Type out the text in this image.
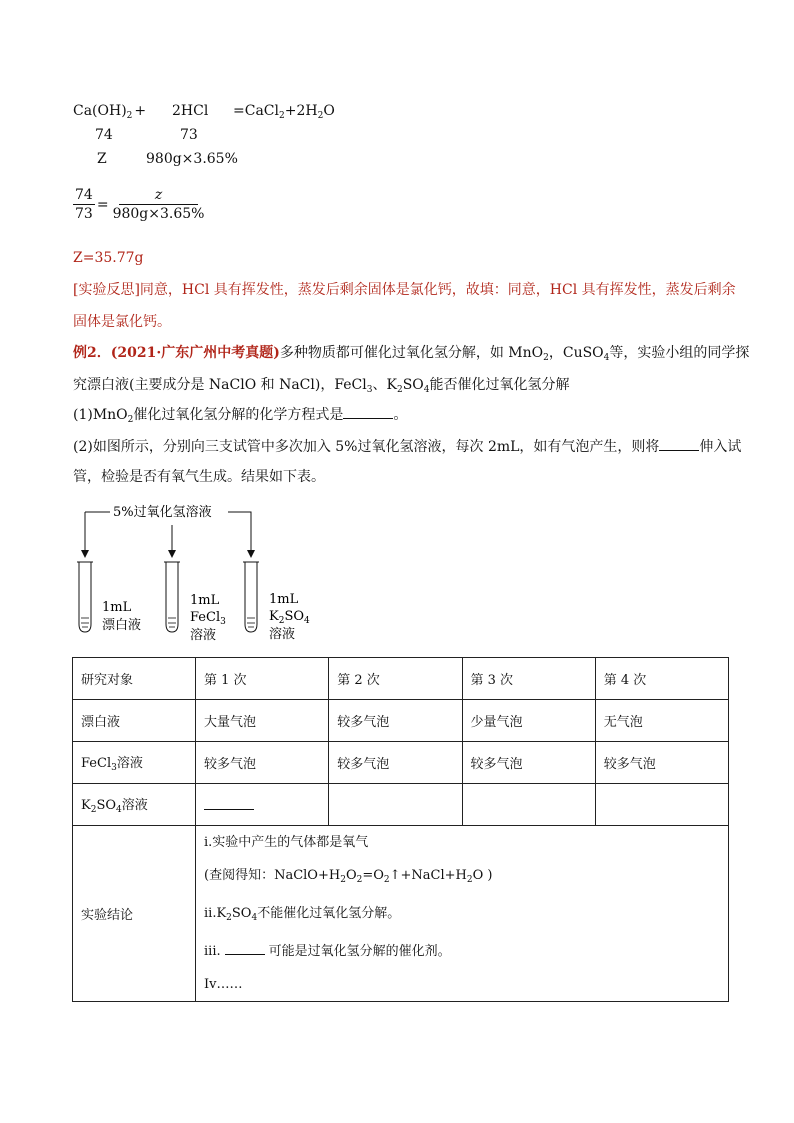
$Ca(OH)_2 + 2HCl$ $=CaCl_2+2H_2O$
74	73
Z	980g×3.65%
$\frac{74}{73} = \frac{z}{980g\times 3.65\%}$
Z=35.77g
[实验反思]同意，HCl 具有挥发性，蒸发后剩余固体是氯化钙，故填：同意，HCl 具有挥发性，蒸发后剩余
固体是氯化钙。
例2．(2021·广东广州中考真题)多种物质都可催化过氧化氢分解，如 MnO$_2$，CuSO$_4$等，实验小组的同学探
究漂白液(主要成分是 NaClO 和 NaCl)，FeCl$_3$、$K_2SO_4$能否催化过氧化氢分解
(1)MnO$_2$催化过氧化氢分解的化学方程式是	。
(2)如图所示，分别向三支试管中多次加入 5%过氧化氢溶液，每次 2mL，如有气泡产生，则将	伸入试
管，检验是否有氧气生成。结果如下表。
5%过氧化氢溶液
1mL
漂白液
1mL
FeCl$_3$
溶液
1mL
$K_2SO_4$
溶液
研究对象	第 1 次	第 2 次	第 3 次	第 4 次
漂白液	大量气泡	较多气泡	少量气泡	无气泡
FeCl$_3$溶液	较多气泡	较多气泡	较多气泡	较多气泡
$K_2SO_4$溶液				
实验结论	i.实验中产生的气体都是氧气
(查阅得知：$NaClO+H_2O_2=O_2↑+NaCl+H_2O$ )
$ii.K_2SO_4$不能催化过氧化氢分解。
iii. 可能是过氧化氢分解的催化剂。
Iv……			
